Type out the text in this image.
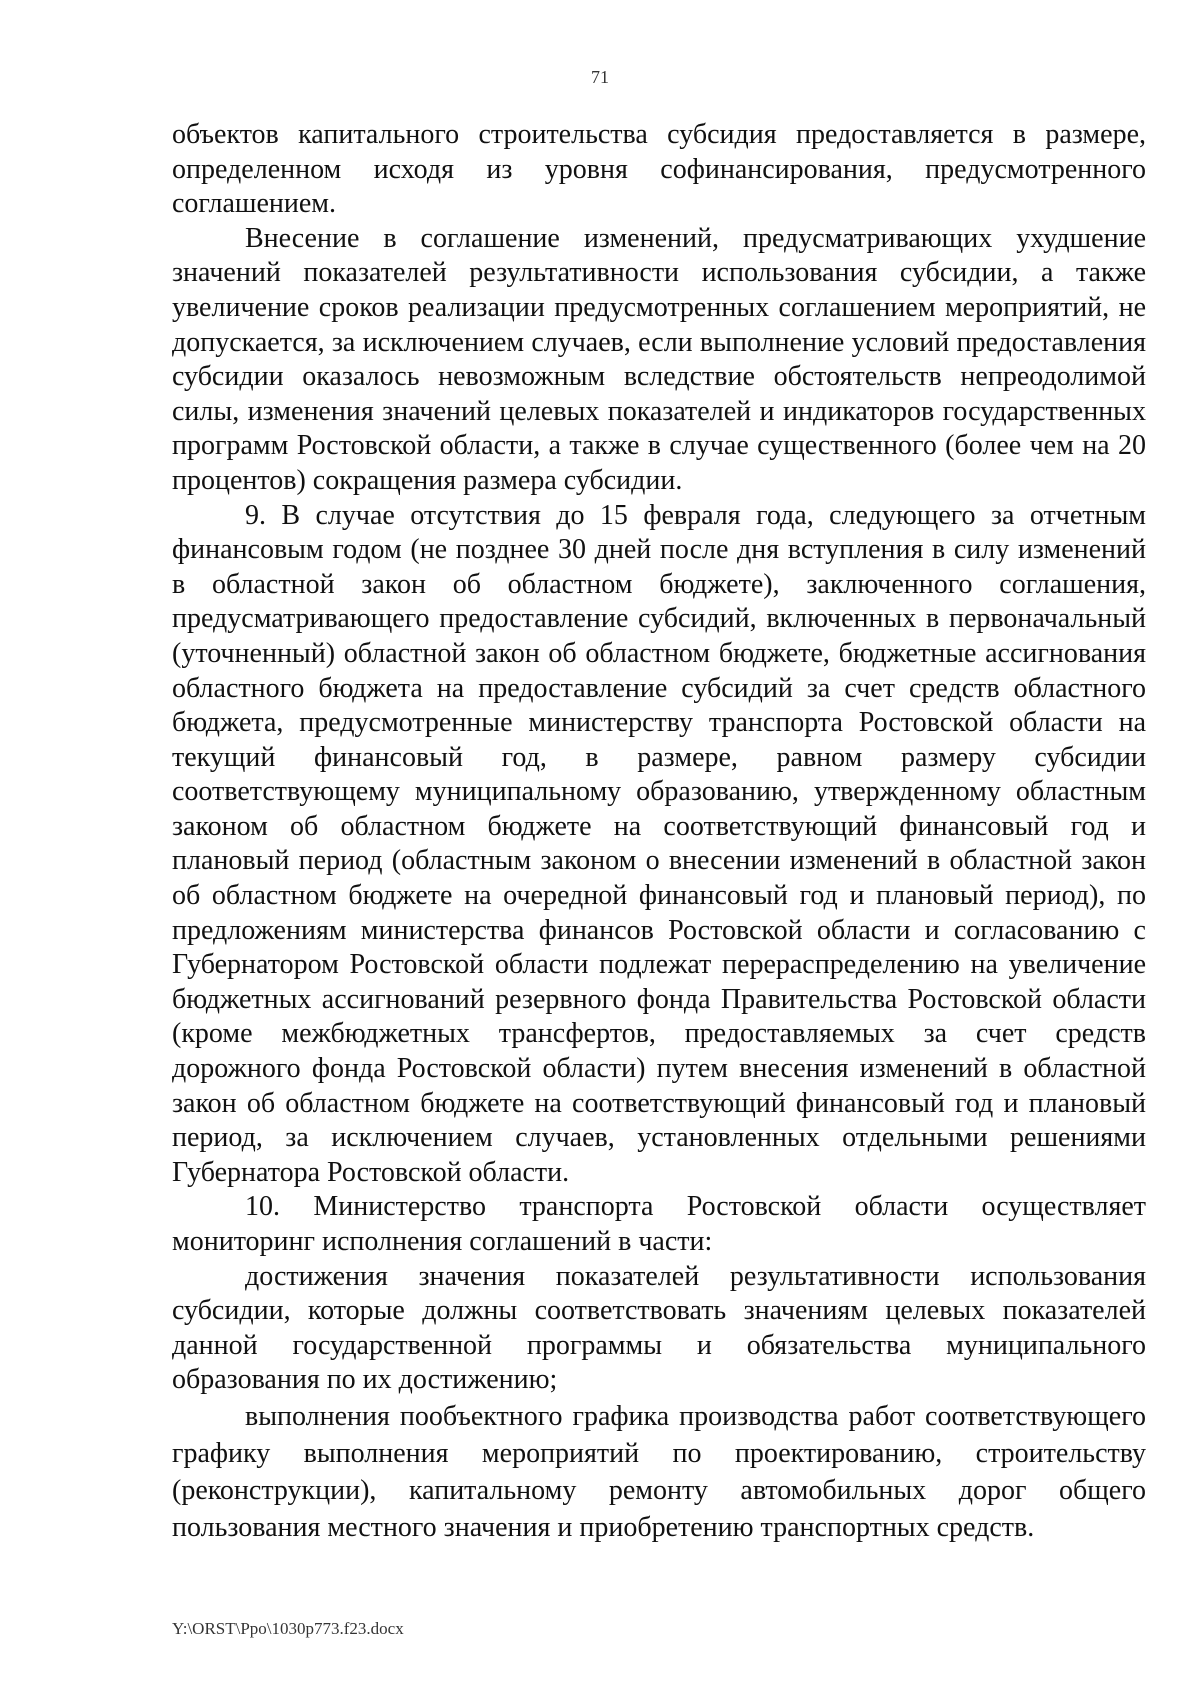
71

объектов капитального строительства субсидия предоставляется в размере, определенном исходя из уровня софинансирования, предусмотренного соглашением.

Внесение в соглашение изменений, предусматривающих ухудшение значений показателей результативности использования субсидии, а также увеличение сроков реализации предусмотренных соглашением мероприятий, не допускается, за исключением случаев, если выполнение условий предоставления субсидии оказалось невозможным вследствие обстоятельств непреодолимой силы, изменения значений целевых показателей и индикаторов государственных программ Ростовской области, а также в случае существенного (более чем на 20 процентов) сокращения размера субсидии.

9. В случае отсутствия до 15 февраля года, следующего за отчетным финансовым годом (не позднее 30 дней после дня вступления в силу изменений в областной закон об областном бюджете), заключенного соглашения, предусматривающего предоставление субсидий, включенных в первоначальный (уточненный) областной закон об областном бюджете, бюджетные ассигнования областного бюджета на предоставление субсидий за счет средств областного бюджета, предусмотренные министерству транспорта Ростовской области на текущий финансовый год, в размере, равном размеру субсидии соответствующему муниципальному образованию, утвержденному областным законом об областном бюджете на соответствующий финансовый год и плановый период (областным законом о внесении изменений в областной закон об областном бюджете на очередной финансовый год и плановый период), по предложениям министерства финансов Ростовской области и согласованию с Губернатором Ростовской области подлежат перераспределению на увеличение бюджетных ассигнований резервного фонда Правительства Ростовской области (кроме межбюджетных трансфертов, предоставляемых за счет средств дорожного фонда Ростовской области) путем внесения изменений в областной закон об областном бюджете на соответствующий финансовый год и плановый период, за исключением случаев, установленных отдельными решениями Губернатора Ростовской области.

10. Министерство транспорта Ростовской области осуществляет мониторинг исполнения соглашений в части:

достижения значения показателей результативности использования субсидии, которые должны соответствовать значениям целевых показателей данной государственной программы и обязательства муниципального образования по их достижению;

выполнения пообъектного графика производства работ соответствующего графику выполнения мероприятий по проектированию, строительству (реконструкции), капитальному ремонту автомобильных дорог общего пользования местного значения и приобретению транспортных средств.

Y:\ORST\Ppo\1030p773.f23.docx
